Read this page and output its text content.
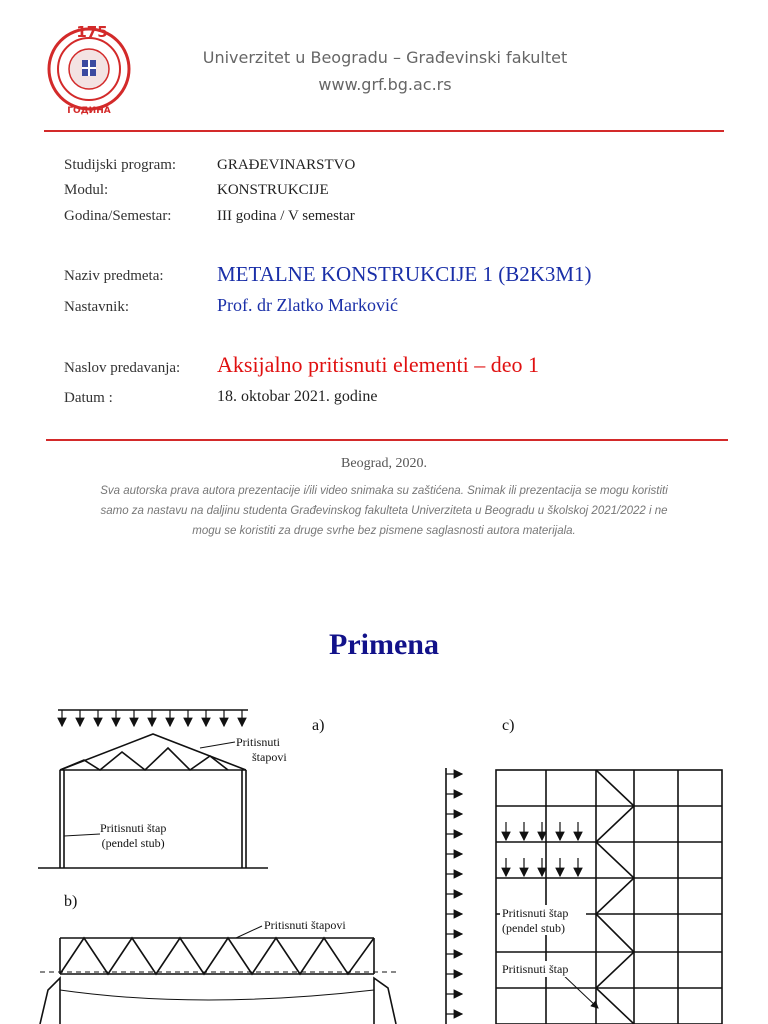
175
ГОДИНА
Univerzitet u Beogradu – Građevinski fakultet
www.grf.bg.ac.rs
Studijski program:	GRAĐEVINARSTVO
Modul:	KONSTRUKCIJE
Godina/Semestar:	III godina / V semestar
Naziv predmeta:	METALNE KONSTRUKCIJE 1 (B2K3M1)
Nastavnik:	Prof. dr Zlatko Marković
Naslov predavanja: Aksijalno pritisnuti elementi – deo 1
Datum :	18. oktobar 2021. godine
Beograd, 2020.
Sva autorska prava autora prezentacije i/ili video snimaka su zaštićena. Snimak ili prezentacija se mogu koristiti
samo za nastavu na daljinu studenta Građevinskog fakulteta Univerziteta u Beogradu u školskoj 2021/2022 i ne
mogu se koristiti za druge svrhe bez pismene saglasnosti autora materijala.
Primena
a)
b)
c)
Pritisnuti
štapovi
Pritisnuti štap
(pendel stub)
Pritisnuti štapovi
Pritisnuti štap
(pendel stub)
Pritisnuti štap
